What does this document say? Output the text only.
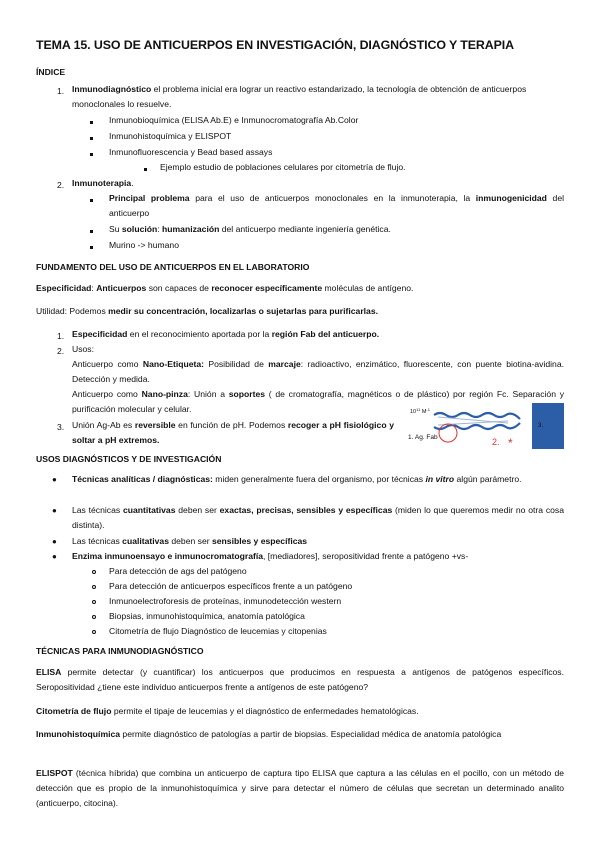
TEMA 15. USO DE ANTICUERPOS EN INVESTIGACIÓN, DIAGNÓSTICO Y TERAPIA
ÍNDICE
1. Inmunodiagnóstico el problema inicial era lograr un reactivo estandarizado, la tecnología de obtención de anticuerpos monoclonales lo resuelve.
Inmunobioquímica (ELISA Ab.E) e Inmunocromatografía Ab.Color
Inmunohistoquímica y ELISPOT
Inmunofluorescencia y Bead based assays
Ejemplo estudio de poblaciones celulares por citometría de flujo.
2. Inmunoterapia.
Principal problema para el uso de anticuerpos monoclonales en la inmunoterapia, la inmunogenicidad del anticuerpo
Su solución: humanización del anticuerpo mediante ingeniería genética.
Murino -> humano
FUNDAMENTO DEL USO DE ANTICUERPOS EN EL LABORATORIO
Especificidad: Anticuerpos son capaces de reconocer específicamente moléculas de antígeno.
Utilidad: Podemos medir su concentración, localizarlas o sujetarlas para purificarlas.
1. Especificidad en el reconocimiento aportada por la región Fab del anticuerpo.
2. Usos:
Anticuerpo como Nano-Etiqueta: Posibilidad de marcaje: radioactivo, enzimático, fluorescente, con puente biotina-avidina. Detección y medida.
Anticuerpo como Nano-pinza: Unión a soportes ( de cromatografía, magnéticos o de plástico) por región Fc. Separación y purificación molecular y celular.
3. Unión Ag-Ab es reversible en función de pH. Podemos recoger a pH fisiológico y soltar a pH extremos.
$10^{11}$ $M^{-1}$
1. Ag. Fab	2. *
3.
USOS DIAGNÓSTICOS Y DE INVESTIGACIÓN
● Técnicas analíticas / diagnósticas: miden generalmente fuera del organismo, por técnicas in vitro algún parámetro.
● Las técnicas cuantitativas deben ser exactas, precisas, sensibles y específicas (miden lo que queremos medir no otra cosa distinta).
● Las técnicas cualitativas deben ser sensibles y específicas
● Enzima inmunoensayo e inmunocromatografía, [mediadores], seropositividad frente a patógeno +vs-
Para detección de ags del patógeno
Para detección de anticuerpos específicos frente a un patógeno
Inmunoelectroforesis de proteínas, inmunodetección western
Biopsias, inmunohistoquímica, anatomía patológica
Citometría de flujo Diagnóstico de leucemias y citopenias
TÉCNICAS PARA INMUNODIAGNÓSTICO
ELISA permite detectar (y cuantificar) los anticuerpos que producimos en respuesta a antígenos de patógenos específicos. Seropositividad ¿tiene este individuo anticuerpos frente a antígenos de este patógeno?
Citometría de flujo permite el tipaje de leucemias y el diagnóstico de enfermedades hematológicas.
Inmunohistoquímica permite diagnóstico de patologías a partir de biopsias. Especialidad médica de anatomía patológica
ELISPOT (técnica híbrida) que combina un anticuerpo de captura tipo ELISA que captura a las células en el pocillo, con un método de detección que es propio de la inmunohistoquímica y sirve para detectar el número de células que secretan un determinado analito (anticuerpo, citocina).
